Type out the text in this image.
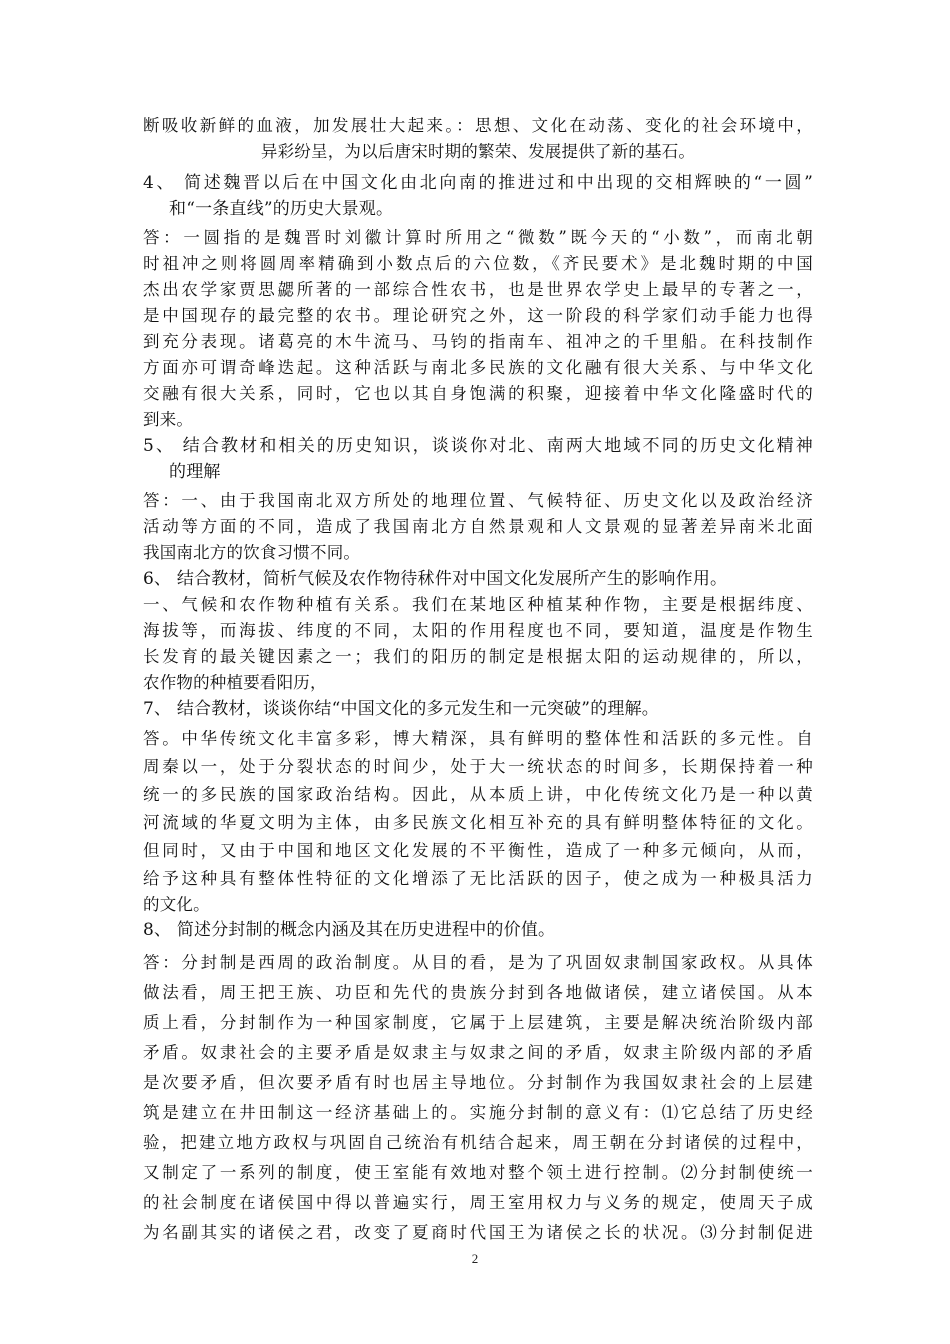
断吸收新鲜的血液，加发展壮大起来。：思想、文化在动荡、变化的社会环境中，
异彩纷呈，为以后唐宋时期的繁荣、发展提供了新的基石。
4、 简述魏晋以后在中国文化由北向南的推进过和中出现的交相辉映的“一圆”
和“一条直线”的历史大景观。
答：一圆指的是魏晋时刘徽计算时所用之“微数”既今天的“小数”，而南北朝
时祖冲之则将圆周率精确到小数点后的六位数，《齐民要术》是北魏时期的中国
杰出农学家贾思勰所著的一部综合性农书，也是世界农学史上最早的专著之一，
是中国现存的最完整的农书。理论研究之外，这一阶段的科学家们动手能力也得
到充分表现。诸葛亮的木牛流马、马钧的指南车、祖冲之的千里船。在科技制作
方面亦可谓奇峰迭起。这种活跃与南北多民族的文化融有很大关系、与中华文化
交融有很大关系，同时，它也以其自身饱满的积聚，迎接着中华文化隆盛时代的
到来。
5、 结合教材和相关的历史知识，谈谈你对北、南两大地域不同的历史文化精神
的理解
答：一、由于我国南北双方所处的地理位置、气候特征、历史文化以及政治经济
活动等方面的不同，造成了我国南北方自然景观和人文景观的显著差异南米北面
我国南北方的饮食习惯不同。
6、 结合教材，简析气候及农作物待秫件对中国文化发展所产生的影响作用。
一、气候和农作物种植有关系。我们在某地区种植某种作物，主要是根据纬度、
海拔等，而海拔、纬度的不同，太阳的作用程度也不同，要知道，温度是作物生
长发育的最关键因素之一；我们的阳历的制定是根据太阳的运动规律的，所以，
农作物的种植要看阳历，
7、 结合教材，谈谈你结“中国文化的多元发生和一元突破”的理解。
答。中华传统文化丰富多彩，博大精深，具有鲜明的整体性和活跃的多元性。自
周秦以一，处于分裂状态的时间少，处于大一统状态的时间多，长期保持着一种
统一的多民族的国家政治结构。因此，从本质上讲，中化传统文化乃是一种以黄
河流域的华夏文明为主体，由多民族文化相互补充的具有鲜明整体特征的文化。
但同时，又由于中国和地区文化发展的不平衡性，造成了一种多元倾向，从而，
给予这种具有整体性特征的文化增添了无比活跃的因子，使之成为一种极具活力
的文化。
8、 简述分封制的概念内涵及其在历史进程中的价值。
答：分封制是西周的政治制度。从目的看，是为了巩固奴隶制国家政权。从具体
做法看，周王把王族、功臣和先代的贵族分封到各地做诸侯，建立诸侯国。从本
质上看，分封制作为一种国家制度，它属于上层建筑，主要是解决统治阶级内部
矛盾。奴隶社会的主要矛盾是奴隶主与奴隶之间的矛盾，奴隶主阶级内部的矛盾
是次要矛盾，但次要矛盾有时也居主导地位。分封制作为我国奴隶社会的上层建
筑是建立在井田制这一经济基础上的。实施分封制的意义有：⑴它总结了历史经
验，把建立地方政权与巩固自己统治有机结合起来，周王朝在分封诸侯的过程中，
又制定了一系列的制度，使王室能有效地对整个领土进行控制。⑵分封制使统一
的社会制度在诸侯国中得以普遍实行，周王室用权力与义务的规定，使周天子成
为名副其实的诸侯之君，改变了夏商时代国王为诸侯之长的状况。⑶分封制促进
2
